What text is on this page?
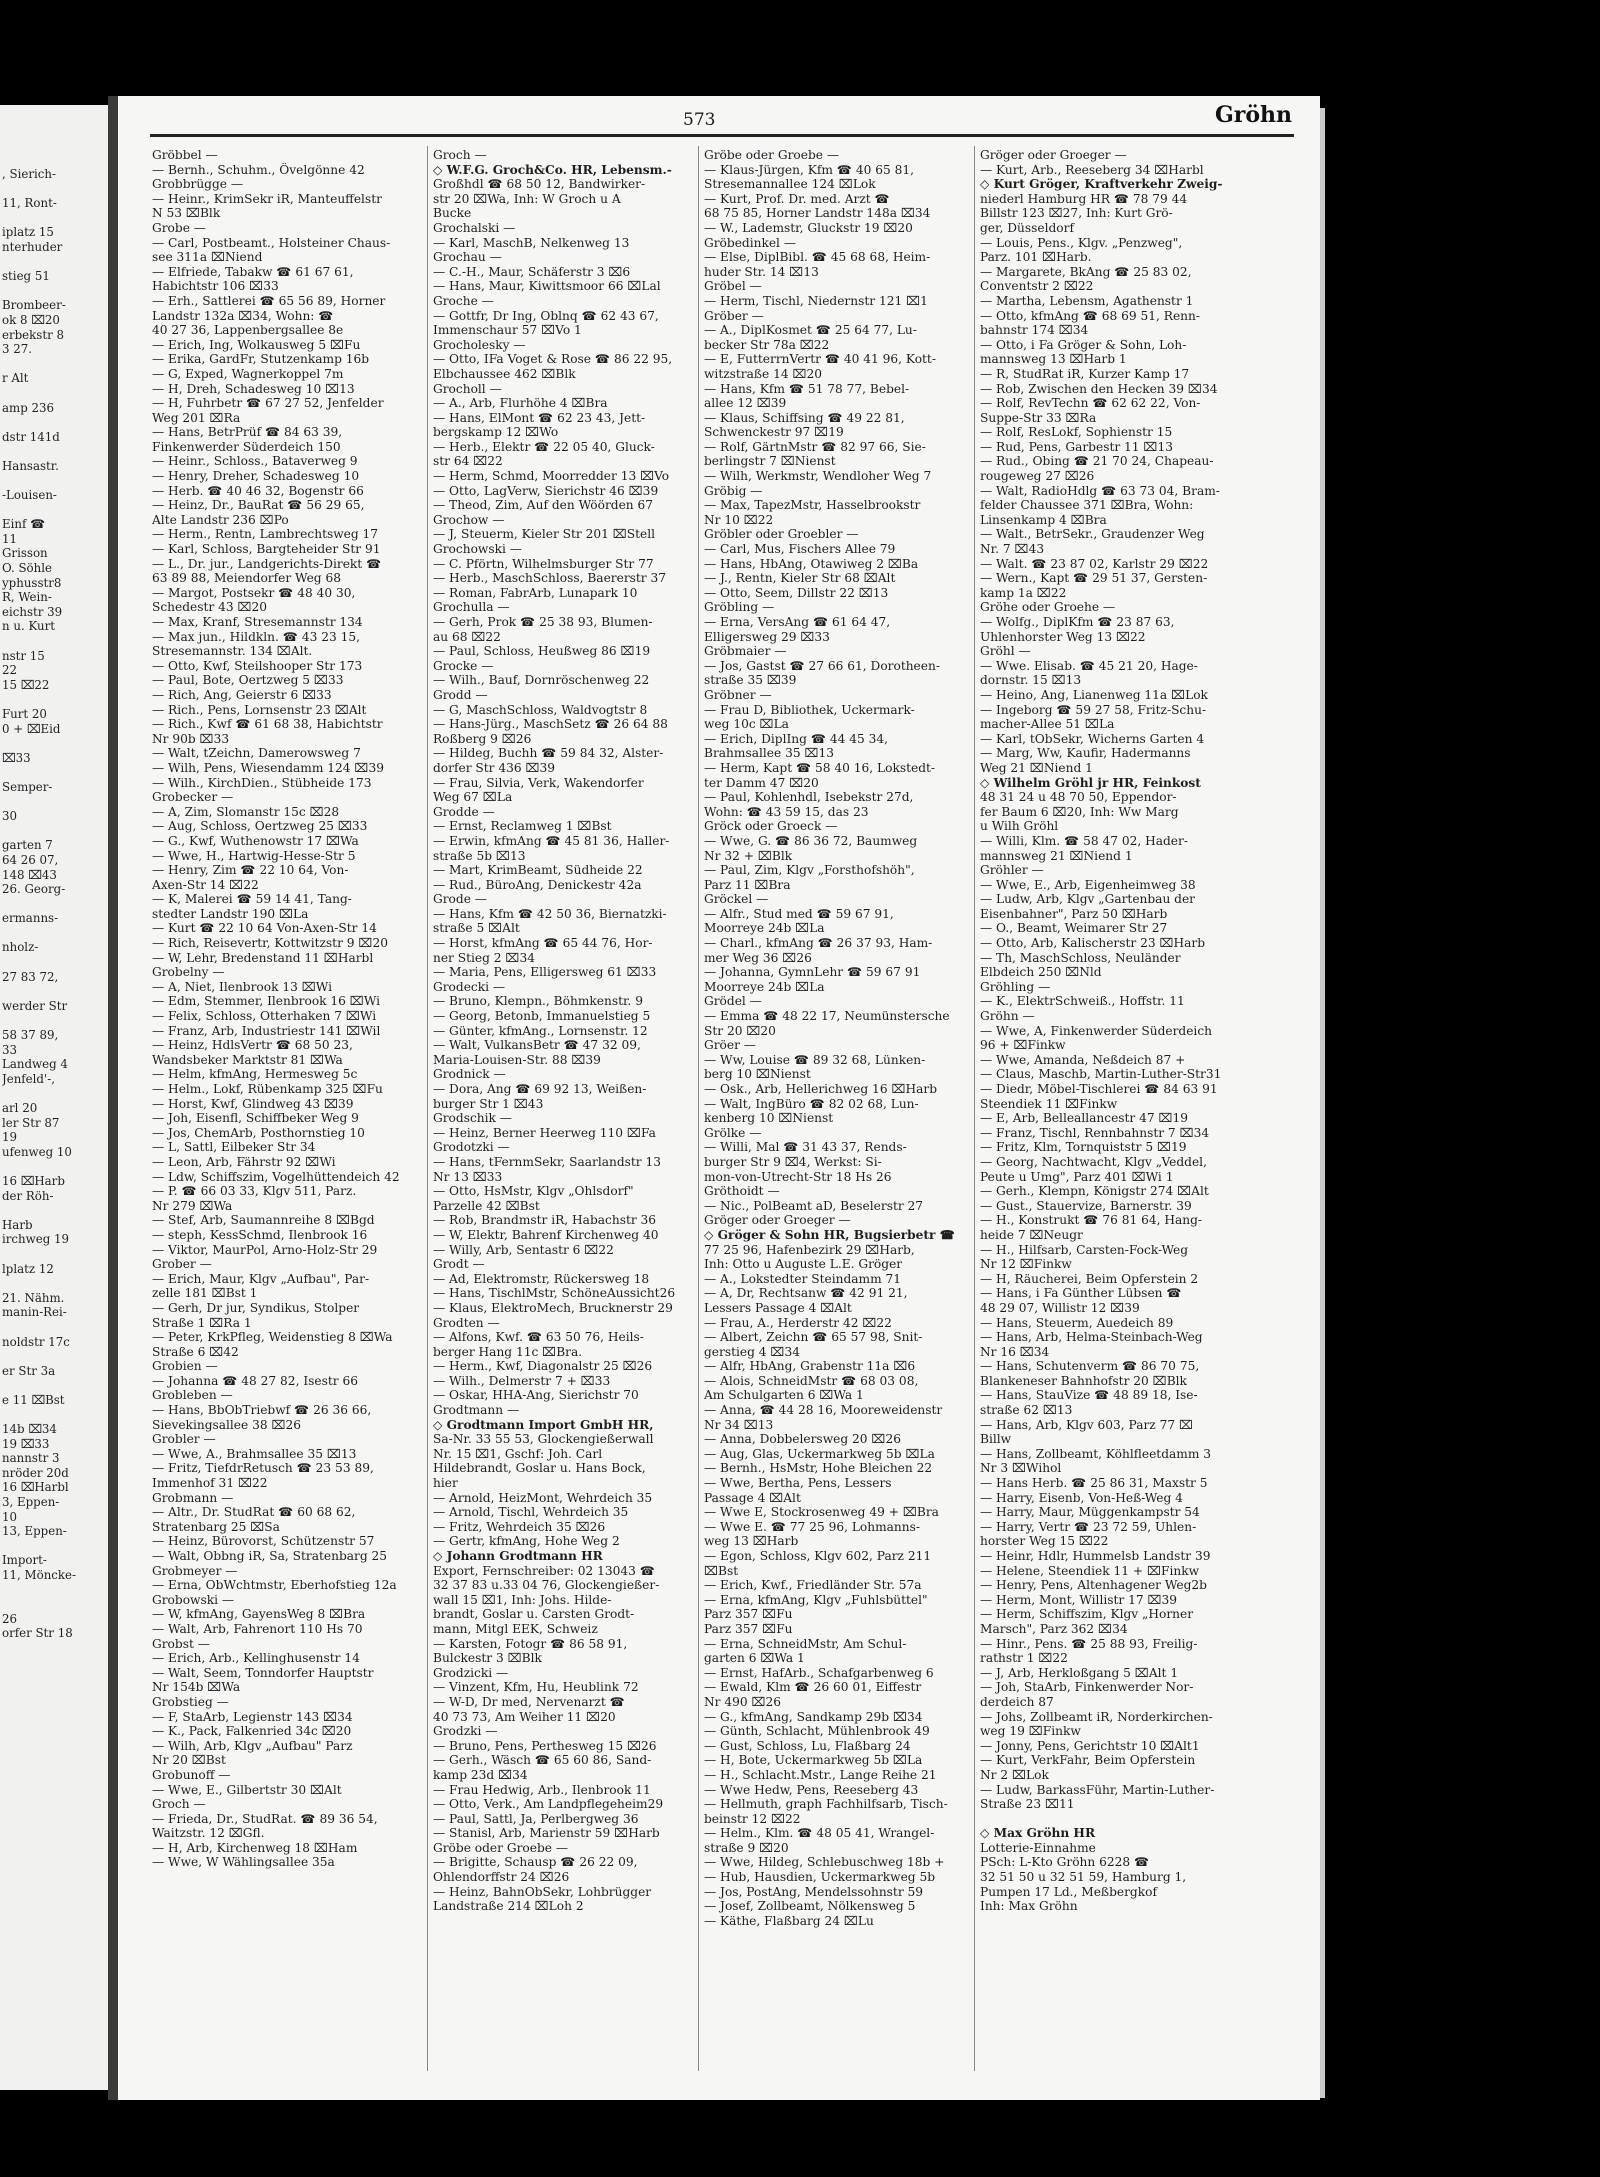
, Sierich-

11, Ront-

iplatz 15
nterhuder

stieg 51

Brombeer-
ok 8 ⌧20
erbekstr 8
3 27.

r Alt

amp 236

dstr 141d

Hansastr.

-Louisen-

Einf ☎
11
Grisson
O. Söhle
yphusstr8
R, Wein-
eichstr 39
n u. Kurt

nstr 15
22
15 ⌧22

Furt 20
0 + ⌧Eid

⌧33

Semper-

30

garten 7
64 26 07,
148 ⌧43
26. Georg-

ermanns-

nholz-

27 83 72,

werder Str

58 37 89,
33
Landweg 4
Jenfeld'-,

arl 20
ler Str 87
19
ufenweg 10

16 ⌧Harb
der Röh-

Harb
irchweg 19

lplatz 12

21. Nähm.
manin-Rei-

noldstr 17c

er Str 3a

e 11 ⌧Bst

14b ⌧34
19 ⌧33
nannstr 3
nröder 20d
16 ⌧Harbl
3, Eppen-
10
13, Eppen-

Import-
11, Möncke-

26
orfer Str 18
573	Gröhn
Gröbbel —
— Bernh., Schuhm., Övelgönne 42
Grobbrügge —
— Heinr., KrimSekr iR, Manteuffelstr
N 53 ⌧Blk
Grobe —
— Carl, Postbeamt., Holsteiner Chaus-
see 311a ⌧Niend
— Elfriede, Tabakw ☎ 61 67 61,
Habichtstr 106 ⌧33
— Erh., Sattlerei ☎ 65 56 89, Horner
Landstr 132a ⌧34, Wohn: ☎
40 27 36, Lappenbergsallee 8e
— Erich, Ing, Wolkausweg 5 ⌧Fu
— Erika, GardFr, Stutzenkamp 16b
— G, Exped, Wagnerkoppel 7m
— H, Dreh, Schadesweg 10 ⌧13
— H, Fuhrbetr ☎ 67 27 52, Jenfelder
Weg 201 ⌧Ra
— Hans, BetrPrüf ☎ 84 63 39,
Finkenwerder Süderdeich 150
— Heinr., Schloss., Bataverweg 9
— Henry, Dreher, Schadesweg 10
— Herb. ☎ 40 46 32, Bogenstr 66
— Heinz, Dr., BauRat ☎ 56 29 65,
Alte Landstr 236 ⌧Po
— Herm., Rentn, Lambrechtsweg 17
— Karl, Schloss, Bargteheider Str 91
— L., Dr. jur., Landgerichts-Direkt ☎
63 89 88, Meiendorfer Weg 68
— Margot, Postsekr ☎ 48 40 30,
Schedestr 43 ⌧20
— Max, Kranf, Stresemannstr 134
— Max jun., Hildkln. ☎ 43 23 15,
Stresemannstr. 134 ⌧Alt.
— Otto, Kwf, Steilshooper Str 173
— Paul, Bote, Oertzweg 5 ⌧33
— Rich, Ang, Geierstr 6 ⌧33
— Rich., Pens, Lornsenstr 23 ⌧Alt
— Rich., Kwf ☎ 61 68 38, Habichtstr
Nr 90b ⌧33
— Walt, tZeichn, Damerowsweg 7
— Wilh, Pens, Wiesendamm 124 ⌧39
— Wilh., KirchDien., Stübheide 173
Grobecker —
— A, Zim, Slomanstr 15c ⌧28
— Aug, Schloss, Oertzweg 25 ⌧33
— G., Kwf, Wuthenowstr 17 ⌧Wa
— Wwe, H., Hartwig-Hesse-Str 5
— Henry, Zim ☎ 22 10 64, Von-
Axen-Str 14 ⌧22
— K, Malerei ☎ 59 14 41, Tang-
stedter Landstr 190 ⌧La
— Kurt ☎ 22 10 64 Von-Axen-Str 14
— Rich, Reisevertr, Kottwitzstr 9 ⌧20
— W, Lehr, Bredenstand 11 ⌧Harbl
Grobelny —
— A, Niet, Ilenbrook 13 ⌧Wi
— Edm, Stemmer, Ilenbrook 16 ⌧Wi
— Felix, Schloss, Otterhaken 7 ⌧Wi
— Franz, Arb, Industriestr 141 ⌧Wil
— Heinz, HdlsVertr ☎ 68 50 23,
Wandsbeker Marktstr 81 ⌧Wa
— Helm, kfmAng, Hermesweg 5c
— Helm., Lokf, Rübenkamp 325 ⌧Fu
— Horst, Kwf, Glindweg 43 ⌧39
— Joh, Eisenfl, Schiffbeker Weg 9
— Jos, ChemArb, Posthornstieg 10
— L, Sattl, Eilbeker Str 34
— Leon, Arb, Fährstr 92 ⌧Wi
— Ldw, Schiffszim, Vogelhüttendeich 42
— P. ☎ 66 03 33, Klgv 511, Parz.
Nr 279 ⌧Wa
— Stef, Arb, Saumannreihe 8 ⌧Bgd
— steph, KessSchmd, Ilenbrook 16
— Viktor, MaurPol, Arno-Holz-Str 29
Grober —
— Erich, Maur, Klgv „Aufbau", Par-
zelle 181 ⌧Bst 1
— Gerh, Dr jur, Syndikus, Stolper
Straße 1 ⌧Ra 1
— Peter, KrkPfleg, Weidenstieg 8 ⌧Wa
Straße 6 ⌧42
Grobien —
— Johanna ☎ 48 27 82, Isestr 66
Grobleben —
— Hans, BbObTriebwf ☎ 26 36 66,
Sievekingsallee 38 ⌧26
Grobler —
— Wwe, A., Brahmsallee 35 ⌧13
— Fritz, TiefdrRetusch ☎ 23 53 89,
Immenhof 31 ⌧22
Grobmann —
— Altr., Dr. StudRat ☎ 60 68 62,
Stratenbarg 25 ⌧Sa
— Heinz, Bürovorst, Schützenstr 57
— Walt, Obbng iR, Sa, Stratenbarg 25
Grobmeyer —
— Erna, ObWchtmstr, Eberhofstieg 12a
Grobowski —
— W, kfmAng, GayensWeg 8 ⌧Bra
— Walt, Arb, Fahrenort 110 Hs 70
Grobst —
— Erich, Arb., Kellinghusenstr 14
— Walt, Seem, Tonndorfer Hauptstr
Nr 154b ⌧Wa
Grobstieg —
— F, StaArb, Legienstr 143 ⌧34
— K., Pack, Falkenried 34c ⌧20
— Wilh, Arb, Klgv „Aufbau" Parz
Nr 20 ⌧Bst
Grobunoff —
— Wwe, E., Gilbertstr 30 ⌧Alt
Groch —
— Frieda, Dr., StudRat. ☎ 89 36 54,
Waitzstr. 12 ⌧Gfl.
— H, Arb, Kirchenweg 18 ⌧Ham
— Wwe, W Wählingsallee 35a
Groch —
◇ W.F.G. Groch&Co. HR, Lebensm.-
Großhdl ☎ 68 50 12, Bandwirker-
str 20 ⌧Wa, Inh: W Groch u A
Bucke
Grochalski —
— Karl, MaschB, Nelkenweg 13
Grochau —
— C.-H., Maur, Schäferstr 3 ⌧6
— Hans, Maur, Kiwittsmoor 66 ⌧Lal
Groche —
— Gottfr, Dr Ing, Oblnq ☎ 62 43 67,
Immenschaur 57 ⌧Vo 1
Grocholesky —
— Otto, IFa Voget & Rose ☎ 86 22 95,
Elbchaussee 462 ⌧Blk
Grocholl —
— A., Arb, Flurhöhe 4 ⌧Bra
— Hans, ElMont ☎ 62 23 43, Jett-
bergskamp 12 ⌧Wo
— Herb., Elektr ☎ 22 05 40, Gluck-
str 64 ⌧22
— Herm, Schmd, Moorredder 13 ⌧Vo
— Otto, LagVerw, Sierichstr 46 ⌧39
— Theod, Zim, Auf den Wöörden 67
Grochow —
— J, Steuerm, Kieler Str 201 ⌧Stell
Grochowski —
— C. Pförtn, Wilhelmsburger Str 77
— Herb., MaschSchloss, Baererstr 37
— Roman, FabrArb, Lunapark 10
Grochulla —
— Gerh, Prok ☎ 25 38 93, Blumen-
au 68 ⌧22
— Paul, Schloss, Heußweg 86 ⌧19
Grocke —
— Wilh., Bauf, Dornröschenweg 22
Grodd —
— G, MaschSchloss, Waldvogtstr 8
— Hans-Jürg., MaschSetz ☎ 26 64 88
Roßberg 9 ⌧26
— Hildeg, Buchh ☎ 59 84 32, Alster-
dorfer Str 436 ⌧39
— Frau, Silvia, Verk, Wakendorfer
Weg 67 ⌧La
Grodde —
— Ernst, Reclamweg 1 ⌧Bst
— Erwin, kfmAng ☎ 45 81 36, Haller-
straße 5b ⌧13
— Mart, KrimBeamt, Südheide 22
— Rud., BüroAng, Denickestr 42a
Grode —
— Hans, Kfm ☎ 42 50 36, Biernatzki-
straße 5 ⌧Alt
— Horst, kfmAng ☎ 65 44 76, Hor-
ner Stieg 2 ⌧34
— Maria, Pens, Elligersweg 61 ⌧33
Grodecki —
— Bruno, Klempn., Böhmkenstr. 9
— Georg, Betonb, Immanuelstieg 5
— Günter, kfmAng., Lornsenstr. 12
— Walt, VulkansBetr ☎ 47 32 09,
Maria-Louisen-Str. 88 ⌧39
Grodnick —
— Dora, Ang ☎ 69 92 13, Weißen-
burger Str 1 ⌧43
Grodschik —
— Heinz, Berner Heerweg 110 ⌧Fa
Grodotzki —
— Hans, tFernmSekr, Saarlandstr 13
Nr 13 ⌧33
— Otto, HsMstr, Klgv „Ohlsdorf"
Parzelle 42 ⌧Bst
— Rob, Brandmstr iR, Habachstr 36
— W, Elektr, Bahrenf Kirchenweg 40
— Willy, Arb, Sentastr 6 ⌧22
Grodt —
— Ad, Elektromstr, Rückersweg 18
— Hans, TischlMstr, SchöneAussicht26
— Klaus, ElektroMech, Brucknerstr 29
Grodten —
— Alfons, Kwf. ☎ 63 50 76, Heils-
berger Hang 11c ⌧Bra.
— Herm., Kwf, Diagonalstr 25 ⌧26
— Wilh., Delmerstr 7 + ⌧33
— Oskar, HHA-Ang, Sierichstr 70
Grodtmann —
◇ Grodtmann Import GmbH HR,
Sa-Nr. 33 55 53, Glockengießerwall
Nr. 15 ⌧1, Gschf: Joh. Carl
Hildebrandt, Goslar u. Hans Bock,
hier
— Arnold, HeizMont, Wehrdeich 35
— Arnold, Tischl, Wehrdeich 35
— Fritz, Wehrdeich 35 ⌧26
— Gertr, kfmAng, Hohe Weg 2
◇ Johann Grodtmann HR
Export, Fernschreiber: 02 13043 ☎
32 37 83 u.33 04 76, Glockengießer-
wall 15 ⌧1, Inh: Johs. Hilde-
brandt, Goslar u. Carsten Grodt-
mann, Mitgl EEK, Schweiz
— Karsten, Fotogr ☎ 86 58 91,
Bulckestr 3 ⌧Blk
Grodzicki —
— Vinzent, Kfm, Hu, Heublink 72
— W-D, Dr med, Nervenarzt ☎
40 73 73, Am Weiher 11 ⌧20
Grodzki —
— Bruno, Pens, Perthesweg 15 ⌧26
— Gerh., Wäsch ☎ 65 60 86, Sand-
kamp 23d ⌧34
— Frau Hedwig, Arb., Ilenbrook 11
— Otto, Verk., Am Landpflegeheim29
— Paul, Sattl, Ja, Perlbergweg 36
— Stanisl, Arb, Marienstr 59 ⌧Harb
Gröbe oder Groebe —
— Brigitte, Schausp ☎ 26 22 09,
Ohlendorffstr 24 ⌧26
— Heinz, BahnObSekr, Lohbrügger
Landstraße 214 ⌧Loh 2
Gröbe oder Groebe —
— Klaus-Jürgen, Kfm ☎ 40 65 81,
Stresemannallee 124 ⌧Lok
— Kurt, Prof. Dr. med. Arzt ☎
68 75 85, Horner Landstr 148a ⌧34
— W., Lademstr, Gluckstr 19 ⌧20
Gröbedinkel —
— Else, DiplBibl. ☎ 45 68 68, Heim-
huder Str. 14 ⌧13
Gröbel —
— Herm, Tischl, Niedernstr 121 ⌧1
Gröber —
— A., DiplKosmet ☎ 25 64 77, Lu-
becker Str 78a ⌧22
— E, FutterrnVertr ☎ 40 41 96, Kott-
witzstraße 14 ⌧20
— Hans, Kfm ☎ 51 78 77, Bebel-
allee 12 ⌧39
— Klaus, Schiffsing ☎ 49 22 81,
Schwenckestr 97 ⌧19
— Rolf, GärtnMstr ☎ 82 97 66, Sie-
berlingstr 7 ⌧Nienst
— Wilh, Werkmstr, Wendloher Weg 7
Gröbig —
— Max, TapezMstr, Hasselbrookstr
Nr 10 ⌧22
Gröbler oder Groebler —
— Carl, Mus, Fischers Allee 79
— Hans, HbAng, Otawiweg 2 ⌧Ba
— J., Rentn, Kieler Str 68 ⌧Alt
— Otto, Seem, Dillstr 22 ⌧13
Gröbling —
— Erna, VersAng ☎ 61 64 47,
Elligersweg 29 ⌧33
Gröbmaier —
— Jos, Gastst ☎ 27 66 61, Dorotheen-
straße 35 ⌧39
Gröbner —
— Frau D, Bibliothek, Uckermark-
weg 10c ⌧La
— Erich, DiplIng ☎ 44 45 34,
Brahmsallee 35 ⌧13
— Herm, Kapt ☎ 58 40 16, Lokstedt-
ter Damm 47 ⌧20
— Paul, Kohlenhdl, Isebekstr 27d,
Wohn: ☎ 43 59 15, das 23
Gröck oder Groeck —
— Wwe, G. ☎ 86 36 72, Baumweg
Nr 32 + ⌧Blk
— Paul, Zim, Klgv „Forsthofshöh",
Parz 11 ⌧Bra
Gröckel —
— Alfr., Stud med ☎ 59 67 91,
Moorreye 24b ⌧La
— Charl., kfmAng ☎ 26 37 93, Ham-
mer Weg 36 ⌧26
— Johanna, GymnLehr ☎ 59 67 91
Moorreye 24b ⌧La
Grödel —
— Emma ☎ 48 22 17, Neumünstersche
Str 20 ⌧20
Gröer —
— Ww, Louise ☎ 89 32 68, Lünken-
berg 10 ⌧Nienst
— Osk., Arb, Hellerichweg 16 ⌧Harb
— Walt, IngBüro ☎ 82 02 68, Lun-
kenberg 10 ⌧Nienst
Grölke —
— Willi, Mal ☎ 31 43 37, Rends-
burger Str 9 ⌧4, Werkst: Si-
mon-von-Utrecht-Str 18 Hs 26
Gröthoidt —
— Nic., PolBeamt aD, Beselerstr 27
Gröger oder Groeger —
◇ Gröger & Sohn HR, Bugsierbetr ☎
77 25 96, Hafenbezirk 29 ⌧Harb,
Inh: Otto u Auguste L.E. Gröger
— A., Lokstedter Steindamm 71
— A, Dr, Rechtsanw ☎ 42 91 21,
Lessers Passage 4 ⌧Alt
— Frau, A., Herderstr 42 ⌧22
— Albert, Zeichn ☎ 65 57 98, Snit-
gerstieg 4 ⌧34
— Alfr, HbAng, Grabenstr 11a ⌧6
— Alois, SchneidMstr ☎ 68 03 08,
Am Schulgarten 6 ⌧Wa 1
— Anna, ☎ 44 28 16, Mooreweidenstr
Nr 34 ⌧13
— Anna, Dobbelersweg 20 ⌧26
— Aug, Glas, Uckermarkweg 5b ⌧La
— Bernh., HsMstr, Hohe Bleichen 22
— Wwe, Bertha, Pens, Lessers
Passage 4 ⌧Alt
— Wwe E, Stockrosenweg 49 + ⌧Bra
— Wwe E. ☎ 77 25 96, Lohmanns-
weg 13 ⌧Harb
— Egon, Schloss, Klgv 602, Parz 211
⌧Bst
— Erich, Kwf., Friedländer Str. 57a
— Erna, kfmAng, Klgv „Fuhlsbüttel"
Parz 357 ⌧Fu
Parz 357 ⌧Fu
— Erna, SchneidMstr, Am Schul-
garten 6 ⌧Wa 1
— Ernst, HafArb., Schafgarbenweg 6
— Ewald, Klm ☎ 26 60 01, Eiffestr
Nr 490 ⌧26
— G., kfmAng, Sandkamp 29b ⌧34
— Günth, Schlacht, Mühlenbrook 49
— Gust, Schloss, Lu, Flaßbarg 24
— H, Bote, Uckermarkweg 5b ⌧La
— H., Schlacht.Mstr., Lange Reihe 21
— Wwe Hedw, Pens, Reeseberg 43
— Hellmuth, graph Fachhilfsarb, Tisch-
beinstr 12 ⌧22
— Helm., Klm. ☎ 48 05 41, Wrangel-
straße 9 ⌧20
— Wwe, Hildeg, Schlebuschweg 18b +
— Hub, Hausdien, Uckermarkweg 5b
— Jos, PostAng, Mendelssohnstr 59
— Josef, Zollbeamt, Nölkensweg 5
— Käthe, Flaßbarg 24 ⌧Lu
Gröger oder Groeger —
— Kurt, Arb., Reeseberg 34 ⌧Harbl
◇ Kurt Gröger, Kraftverkehr Zweig-
niederl Hamburg HR ☎ 78 79 44
Billstr 123 ⌧27, Inh: Kurt Grö-
ger, Düsseldorf
— Louis, Pens., Klgv. „Penzweg",
Parz. 101 ⌧Harb.
— Margarete, BkAng ☎ 25 83 02,
Conventstr 2 ⌧22
— Martha, Lebensm, Agathenstr 1
— Otto, kfmAng ☎ 68 69 51, Renn-
bahnstr 174 ⌧34
— Otto, i Fa Gröger & Sohn, Loh-
mannsweg 13 ⌧Harb 1
— R, StudRat iR, Kurzer Kamp 17
— Rob, Zwischen den Hecken 39 ⌧34
— Rolf, RevTechn ☎ 62 62 22, Von-
Suppe-Str 33 ⌧Ra
— Rolf, ResLokf, Sophienstr 15
— Rud, Pens, Garbestr 11 ⌧13
— Rud., Obing ☎ 21 70 24, Chapeau-
rougeweg 27 ⌧26
— Walt, RadioHdlg ☎ 63 73 04, Bram-
felder Chaussee 371 ⌧Bra, Wohn:
Linsenkamp 4 ⌧Bra
— Walt., BetrSekr., Graudenzer Weg
Nr. 7 ⌧43
— Walt. ☎ 23 87 02, Karlstr 29 ⌧22
— Wern., Kapt ☎ 29 51 37, Gersten-
kamp 1a ⌧22
Gröhe oder Groehe —
— Wolfg., DiplKfm ☎ 23 87 63,
Uhlenhorster Weg 13 ⌧22
Gröhl —
— Wwe. Elisab. ☎ 45 21 20, Hage-
dornstr. 15 ⌧13
— Heino, Ang, Lianenweg 11a ⌧Lok
— Ingeborg ☎ 59 27 58, Fritz-Schu-
macher-Allee 51 ⌧La
— Karl, tObSekr, Wicherns Garten 4
— Marg, Ww, Kaufir, Hadermanns
Weg 21 ⌧Niend 1
◇ Wilhelm Gröhl jr HR, Feinkost
48 31 24 u 48 70 50, Eppendor-
fer Baum 6 ⌧20, Inh: Ww Marg
u Wilh Gröhl
— Willi, Klm. ☎ 58 47 02, Hader-
mannsweg 21 ⌧Niend 1
Gröhler —
— Wwe, E., Arb, Eigenheimweg 38
— Ludw, Arb, Klgv „Gartenbau der
Eisenbahner", Parz 50 ⌧Harb
— O., Beamt, Weimarer Str 27
— Otto, Arb, Kalischerstr 23 ⌧Harb
— Th, MaschSchloss, Neuländer
Elbdeich 250 ⌧Nld
Gröhling —
— K., ElektrSchweiß., Hoffstr. 11
Gröhn —
— Wwe, A, Finkenwerder Süderdeich
96 + ⌧Finkw
— Wwe, Amanda, Neßdeich 87 +
— Claus, Maschb, Martin-Luther-Str31
— Diedr, Möbel-Tischlerei ☎ 84 63 91
Steendiek 11 ⌧Finkw
— E, Arb, Belleallancestr 47 ⌧19
— Franz, Tischl, Rennbahnstr 7 ⌧34
— Fritz, Klm, Tornquiststr 5 ⌧19
— Georg, Nachtwacht, Klgv „Veddel,
Peute u Umg", Parz 401 ⌧Wi 1
— Gerh., Klempn, Königstr 274 ⌧Alt
— Gust., Stauervize, Barnerstr. 39
— H., Konstrukt ☎ 76 81 64, Hang-
heide 7 ⌧Neugr
— H., Hilfsarb, Carsten-Fock-Weg
Nr 12 ⌧Finkw
— H, Räucherei, Beim Opferstein 2
— Hans, i Fa Günther Lübsen ☎
48 29 07, Willistr 12 ⌧39
— Hans, Steuerm, Auedeich 89
— Hans, Arb, Helma-Steinbach-Weg
Nr 16 ⌧34
— Hans, Schutenverm ☎ 86 70 75,
Blankeneser Bahnhofstr 20 ⌧Blk
— Hans, StauVize ☎ 48 89 18, Ise-
straße 62 ⌧13
— Hans, Arb, Klgv 603, Parz 77 ⌧
Billw
— Hans, Zollbeamt, Köhlfleetdamm 3
Nr 3 ⌧Wihol
— Hans Herb. ☎ 25 86 31, Maxstr 5
— Harry, Eisenb, Von-Heß-Weg 4
— Harry, Maur, Müggenkampstr 54
— Harry, Vertr ☎ 23 72 59, Uhlen-
horster Weg 15 ⌧22
— Heinr, Hdlr, Hummelsb Landstr 39
— Helene, Steendiek 11 + ⌧Finkw
— Henry, Pens, Altenhagener Weg2b
— Herm, Mont, Willistr 17 ⌧39
— Herm, Schiffszim, Klgv „Horner
Marsch", Parz 362 ⌧34
— Hinr., Pens. ☎ 25 88 93, Freilig-
rathstr 1 ⌧22
— J, Arb, Herkloßgang 5 ⌧Alt 1
— Joh, StaArb, Finkenwerder Nor-
derdeich 87
— Johs, Zollbeamt iR, Norderkirchen-
weg 19 ⌧Finkw
— Jonny, Pens, Gerichtstr 10 ⌧Alt1
— Kurt, VerkFahr, Beim Opferstein
Nr 2 ⌧Lok
— Ludw, BarkassFühr, Martin-Luther-
Straße 23 ⌧11

◇ Max Gröhn HR
Lotterie-Einnahme
PSch: L-Kto Gröhn 6228 ☎
32 51 50 u 32 51 59, Hamburg 1,
Pumpen 17 Ld., Meßbergkof
Inh: Max Gröhn
